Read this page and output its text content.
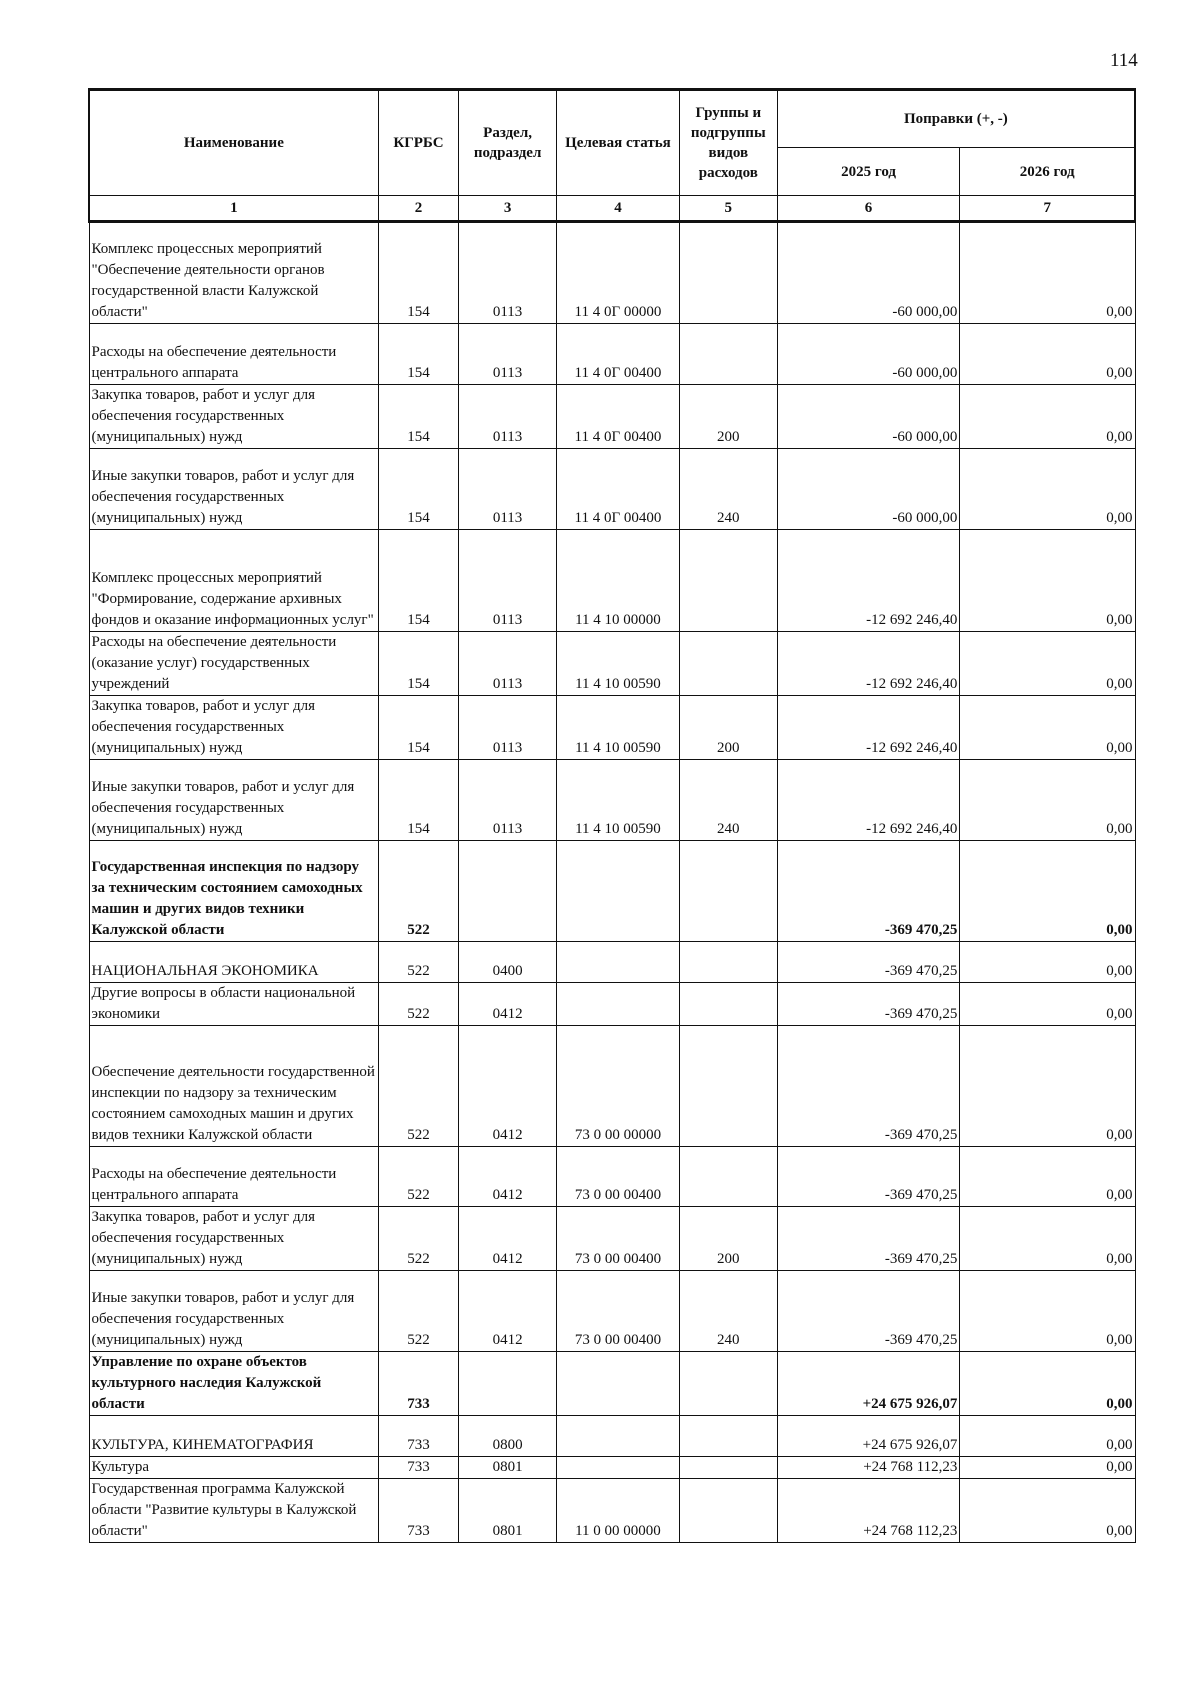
114
Наименование	КГРБС	Раздел, подраздел	Целевая статья	Группы и подгруппы видов расходов	Поправки (+, -)	
					2025 год	2026 год
1	2	3	4	5	6	7
Комплекс процессных мероприятий "Обеспечение деятельности органов государственной власти Калужской области"	154	0113	11 4 0Г 00000		-60 000,00	0,00
Расходы на обеспечение деятельности центрального аппарата	154	0113	11 4 0Г 00400		-60 000,00	0,00
Закупка товаров, работ и услуг для обеспечения государственных (муниципальных) нужд	154	0113	11 4 0Г 00400	200	-60 000,00	0,00
Иные закупки товаров, работ и услуг для обеспечения государственных (муниципальных) нужд	154	0113	11 4 0Г 00400	240	-60 000,00	0,00
Комплекс процессных мероприятий "Формирование, содержание архивных фондов и оказание информационных услуг"	154	0113	11 4 10 00000		-12 692 246,40	0,00
Расходы на обеспечение деятельности (оказание услуг) государственных учреждений	154	0113	11 4 10 00590		-12 692 246,40	0,00
Закупка товаров, работ и услуг для обеспечения государственных (муниципальных) нужд	154	0113	11 4 10 00590	200	-12 692 246,40	0,00
Иные закупки товаров, работ и услуг для обеспечения государственных (муниципальных) нужд	154	0113	11 4 10 00590	240	-12 692 246,40	0,00
Государственная инспекция по надзору за техническим состоянием самоходных машин и других видов техники Калужской области	522				-369 470,25	0,00
НАЦИОНАЛЬНАЯ ЭКОНОМИКА	522	0400			-369 470,25	0,00
Другие вопросы в области национальной экономики	522	0412			-369 470,25	0,00
Обеспечение деятельности государственной инспекции по надзору за техническим состоянием самоходных машин и других видов техники Калужской области	522	0412	73 0 00 00000		-369 470,25	0,00
Расходы на обеспечение деятельности центрального аппарата	522	0412	73 0 00 00400		-369 470,25	0,00
Закупка товаров, работ и услуг для обеспечения государственных (муниципальных) нужд	522	0412	73 0 00 00400	200	-369 470,25	0,00
Иные закупки товаров, работ и услуг для обеспечения государственных (муниципальных) нужд	522	0412	73 0 00 00400	240	-369 470,25	0,00
Управление по охране объектов культурного наследия Калужской области	733				+24 675 926,07	0,00
КУЛЬТУРА, КИНЕМАТОГРАФИЯ	733	0800			+24 675 926,07	0,00
Культура	733	0801			+24 768 112,23	0,00
Государственная программа Калужской области "Развитие культуры в Калужской области"	733	0801	11 0 00 00000		+24 768 112,23	0,00
